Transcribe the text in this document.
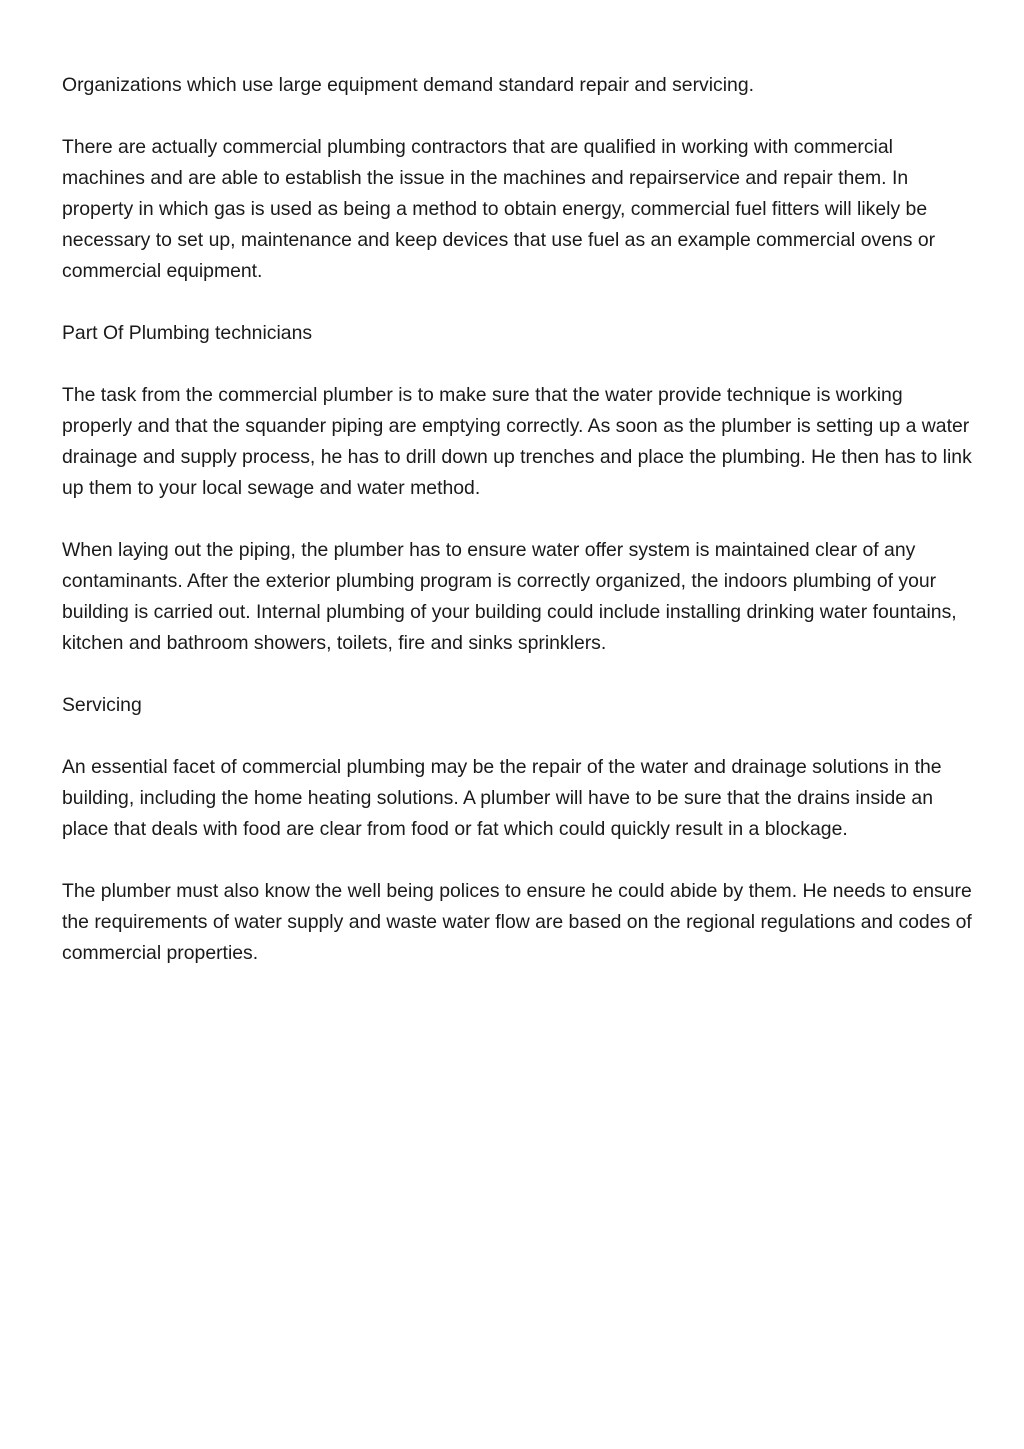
Organizations which use large equipment demand standard repair and servicing.

There are actually commercial plumbing contractors that are qualified in working with commercial machines and are able to establish the issue in the machines and repairservice and repair them. In property in which gas is used as being a method to obtain energy, commercial fuel fitters will likely be necessary to set up, maintenance and keep devices that use fuel as an example commercial ovens or commercial equipment.

Part Of Plumbing technicians

The task from the commercial plumber is to make sure that the water provide technique is working properly and that the squander piping are emptying correctly. As soon as the plumber is setting up a water drainage and supply process, he has to drill down up trenches and place the plumbing. He then has to link up them to your local sewage and water method.

When laying out the piping, the plumber has to ensure water offer system is maintained clear of any contaminants. After the exterior plumbing program is correctly organized, the indoors plumbing of your building is carried out. Internal plumbing of your building could include installing drinking water fountains, kitchen and bathroom showers, toilets, fire and sinks sprinklers.

Servicing

An essential facet of commercial plumbing may be the repair of the water and drainage solutions in the building, including the home heating solutions. A plumber will have to be sure that the drains inside an place that deals with food are clear from food or fat which could quickly result in a blockage.

The plumber must also know the well being polices to ensure he could abide by them. He needs to ensure the requirements of water supply and waste water flow are based on the regional regulations and codes of commercial properties.
